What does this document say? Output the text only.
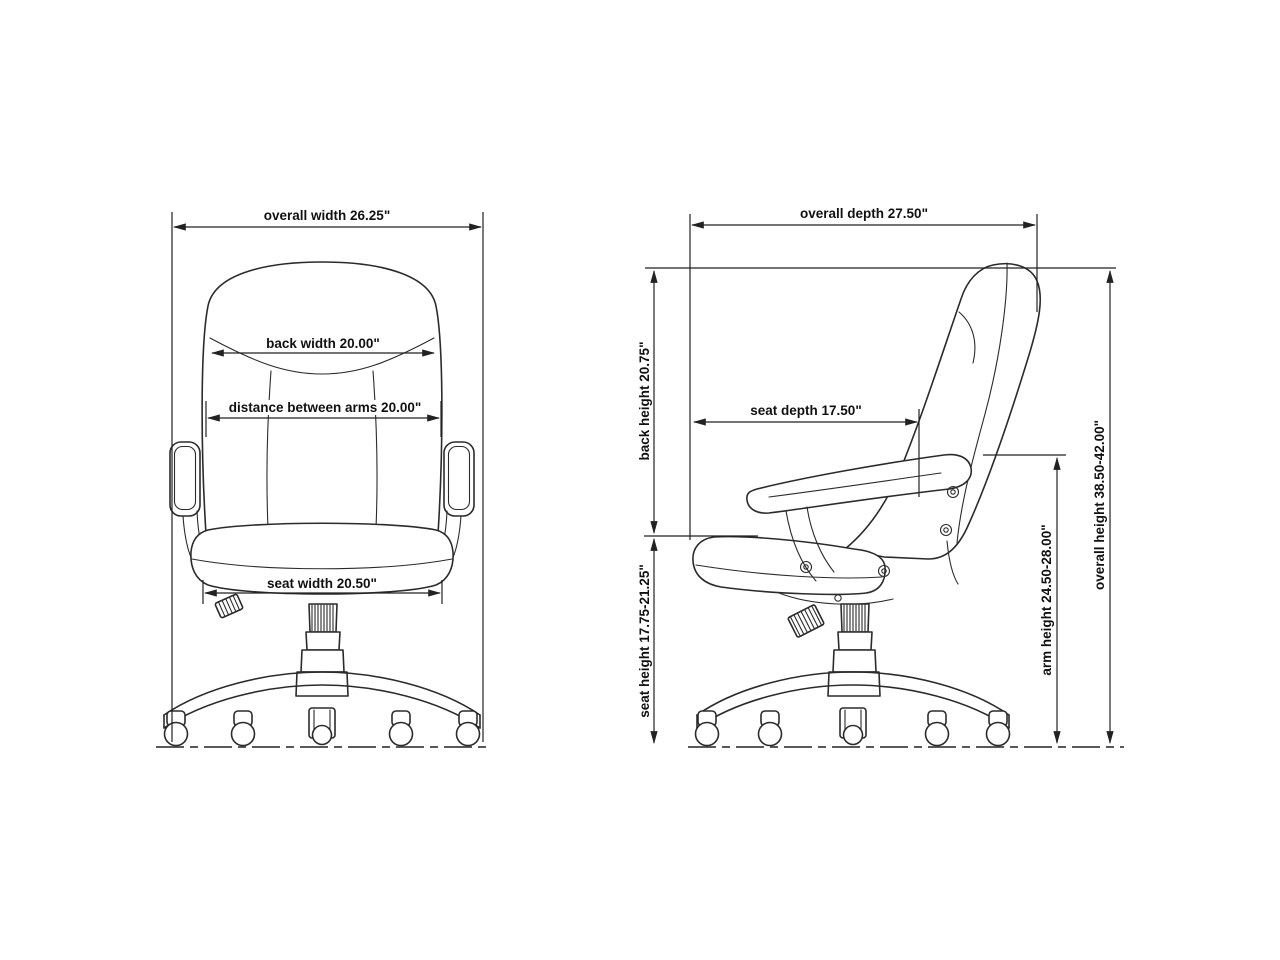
overall width 26.25"
back width 20.00"
distance between arms 20.00"
seat width 20.50"
overall depth 27.50"
back height 20.75"
seat height 17.75-21.25"
seat depth 17.50"
arm height 24.50-28.00"
overall height 38.50-42.00"
